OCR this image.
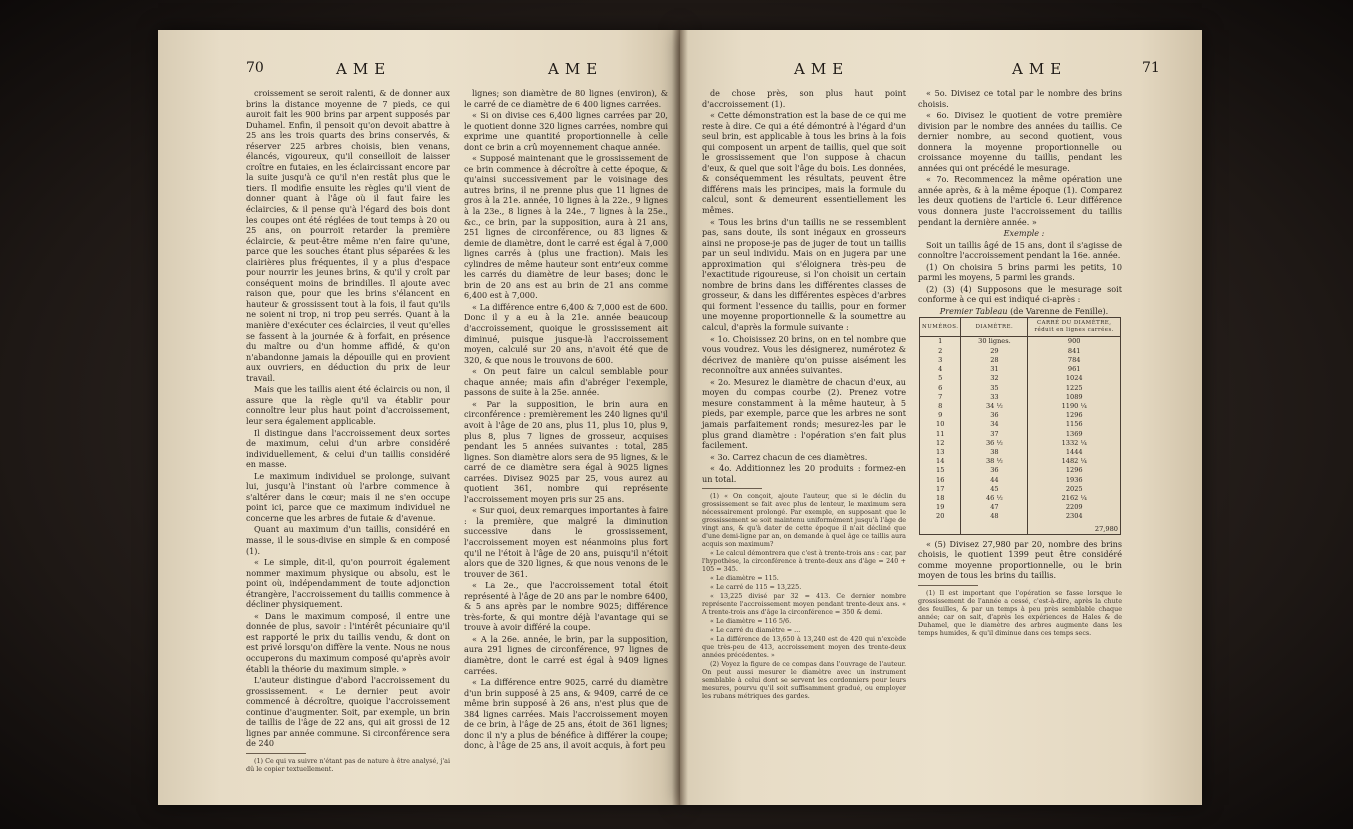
70	AME	AME

croissement se seroit ralenti, & de donner aux brins la distance moyenne de 7 pieds, ce qui auroit fait les 900 brins par arpent supposés par Duhamel. Enfin, il pensoit qu'on devoit abattre à 25 ans les trois quarts des brins conservés, & réserver 225 arbres choisis, bien venans, élancés, vigoureux, qu'il conseilloit de laisser croître en futaies, en les éclaircissant encore par la suite jusqu'à ce qu'il n'en restât plus que le tiers. Il modifie ensuite les règles qu'il vient de donner quant à l'âge où il faut faire les éclaircies, & il pense qu'à l'égard des bois dont les coupes ont été réglées de tout temps à 20 ou 25 ans, on pourroit retarder la première éclaircie, & peut-être même n'en faire qu'une, parce que les souches étant plus séparées & les clairières plus fréquentes, il y a plus d'espace pour nourrir les jeunes brins, & qu'il y croît par conséquent moins de brindilles. Il ajoute avec raison que, pour que les brins s'élancent en hauteur & grossissent tout à la fois, il faut qu'ils ne soient ni trop, ni trop peu serrés. Quant à la manière d'exécuter ces éclaircies, il veut qu'elles se fassent à la journée & à forfait, en présence du maître ou d'un homme affidé, & qu'on n'abandonne jamais la dépouille qui en provient aux ouvriers, en déduction du prix de leur travail.

Mais que les taillis aient été éclaircis ou non, il assure que la règle qu'il va établir pour connoître leur plus haut point d'accroissement, leur sera également applicable.

Il distingue dans l'accroissement deux sortes de maximum, celui d'un arbre considéré individuellement, & celui d'un taillis considéré en masse.

Le maximum individuel se prolonge, suivant lui, jusqu'à l'instant où l'arbre commence à s'altérer dans le cœur; mais il ne s'en occupe point ici, parce que ce maximum individuel ne concerne que les arbres de futaie & d'avenue.

Quant au maximum d'un taillis, considéré en masse, il le sous-divise en simple & en composé (1).

« Le simple, dit-il, qu'on pourroit également nommer maximum physique ou absolu, est le point où, indépendamment de toute adjonction étrangère, l'accroissement du taillis commence à décliner physiquement.

« Dans le maximum composé, il entre une donnée de plus, savoir : l'intérêt pécuniaire qu'il est rapporté le prix du taillis vendu, & dont on est privé lorsqu'on diffère la vente. Nous ne nous occuperons du maximum composé qu'après avoir établi la théorie du maximum simple. »

L'auteur distingue d'abord l'accroissement du grossissement. « Le dernier peut avoir commencé à décroître, quoique l'accroissement continue d'augmenter. Soit, par exemple, un brin de taillis de l'âge de 22 ans, qui ait grossi de 12 lignes par année commune. Si circonférence sera de 240

(1) Ce qui va suivre n'étant pas de nature à être analysé, j'ai dû le copier textuellement.

lignes; son diamètre de 80 lignes (environ), & le carré de ce diamètre de 6 400 lignes carrées.

« Si on divise ces 6,400 lignes carrées par 20, le quotient donne 320 lignes carrées, nombre qui exprime une quantité proportionnelle à celle dont ce brin a crû moyennement chaque année.

« Supposé maintenant que le grossissement de ce brin commence à décroître à cette époque, & qu'ainsi successivement par le voisinage des autres brins, il ne prenne plus que 11 lignes de gros à la 21e. année, 10 lignes à la 22e., 9 lignes à la 23e., 8 lignes à la 24e., 7 lignes à la 25e., &c., ce brin, par la supposition, aura à 21 ans, 251 lignes de circonférence, ou 83 lignes & demie de diamètre, dont le carré est égal à 7,000 lignes carrés à (plus une fraction). Mais les cylindres de même hauteur sont entr'eux comme les carrés du diamètre de leur bases; donc le brin de 20 ans est au brin de 21 ans comme 6,400 est à 7,000.

« La différence entre 6,400 & 7,000 est de 600. Donc il y a eu à la 21e. année beaucoup d'accroissement, quoique le grossissement ait diminué, puisque jusque-là l'accroissement moyen, calculé sur 20 ans, n'avoit été que de 320, & que nous le trouvons de 600.

« On peut faire un calcul semblable pour chaque année; mais afin d'abréger l'exemple, passons de suite à la 25e. année.

« Par la supposition, le brin aura en circonférence : premièrement les 240 lignes qu'il avoit à l'âge de 20 ans, plus 11, plus 10, plus 9, plus 8, plus 7 lignes de grosseur, acquises pendant les 5 années suivantes : total, 285 lignes. Son diamètre alors sera de 95 lignes, & le carré de ce diamètre sera égal à 9025 lignes carrées. Divisez 9025 par 25, vous aurez au quotient 361, nombre qui représente l'accroissement moyen pris sur 25 ans.

« Sur quoi, deux remarques importantes à faire : la première, que malgré la diminution successive dans le grossissement, l'accroissement moyen est néanmoins plus fort qu'il ne l'étoit à l'âge de 20 ans, puisqu'il n'étoit alors que de 320 lignes, & que nous venons de le trouver de 361.

« La 2e., que l'accroissement total étoit représenté à l'âge de 20 ans par le nombre 6400, & 5 ans après par le nombre 9025; différence très-forte, & qui montre déjà l'avantage qui se trouve à avoir différé la coupe.

« A la 26e. année, le brin, par la supposition, aura 291 lignes de circonférence, 97 lignes de diamètre, dont le carré est égal à 9409 lignes carrées.

« La différence entre 9025, carré du diamètre d'un brin supposé à 25 ans, & 9409, carré de ce même brin supposé à 26 ans, n'est plus que de 384 lignes carrées. Mais l'accroissement moyen de ce brin, à l'âge de 25 ans, étoit de 361 lignes; donc il n'y a plus de bénéfice à différer la coupe; donc, à l'âge de 25 ans, il avoit acquis, à fort peu

AME	AME	71

de chose près, son plus haut point d'accroissement (1).

« Cette démonstration est la base de ce qui me reste à dire. Ce qui a été démontré à l'égard d'un seul brin, est applicable à tous les brins à la fois qui composent un arpent de taillis, quel que soit le grossissement que l'on suppose à chacun d'eux, & quel que soit l'âge du bois. Les données, & conséquemment les résultats, peuvent être différens mais les principes, mais la formule du calcul, sont & demeurent essentiellement les mêmes.

« Tous les brins d'un taillis ne se ressemblent pas, sans doute, ils sont inégaux en grosseurs ainsi ne propose-je pas de juger de tout un taillis par un seul individu. Mais on en jugera par une approximation qui s'éloignera très-peu de l'exactitude rigoureuse, si l'on choisit un certain nombre de brins dans les différentes classes de grosseur, & dans les différentes espèces d'arbres qui forment l'essence du taillis, pour en former une moyenne proportionnelle & la soumettre au calcul, d'après la formule suivante :

« 1o. Choisissez 20 brins, on en tel nombre que vous voudrez. Vous les désignerez, numérotez & décrivez de manière qu'on puisse aisément les reconnoître aux années suivantes.

« 2o. Mesurez le diamètre de chacun d'eux, au moyen du compas courbe (2). Prenez votre mesure constamment à la même hauteur, à 5 pieds, par exemple, parce que les arbres ne sont jamais parfaitement ronds; mesurez-les par le plus grand diamètre : l'opération s'en fait plus facilement.

« 3o. Carrez chacun de ces diamètres.

« 4o. Additionnez les 20 produits : formez-en un total.

(1) « On conçoit, ajoute l'auteur, que si le déclin du grossissement se fait avec plus de lenteur, le maximum sera nécessairement prolongé. Par exemple, en supposant que le grossissement se soit maintenu uniformément jusqu'à l'âge de vingt ans, & qu'à dater de cette époque il n'ait décliné que d'une demi-ligne par an, on demande à quel âge ce taillis aura acquis son maximum?

« Le calcul démontrera que c'est à trente-trois ans : car, par l'hypothèse, la circonférence à trente-deux ans d'âge = 240 + 105 = 345.

« Le diamètre = 115.

« Le carré de 115 = 13,225.

« 13,225 divisé par 32 = 413. Ce dernier nombre représente l'accroissement moyen pendant trente-deux ans. « A trente-trois ans d'âge la circonférence = 350 & demi.

« Le diamètre = 116 5/6.

« Le carré du diamètre = ...

« La différence de 13,650 à 13,240 est de 420 qui n'excède que très-peu de 413, accroissement moyen des trente-deux années précédentes. »

(2) Voyez la figure de ce compas dans l'ouvrage de l'auteur. On peut aussi mesurer le diamètre avec un instrument semblable à celui dont se servent les cordonniers pour leurs mesures, pourvu qu'il soit suffisamment gradué, ou employer les rubans métriques des gardes.

« 5o. Divisez ce total par le nombre des brins choisis.

« 6o. Divisez le quotient de votre première division par le nombre des années du taillis. Ce dernier nombre, au second quotient, vous donnera la moyenne proportionnelle ou croissance moyenne du taillis, pendant les années qui ont précédé le mesurage.

« 7o. Recommencez la même opération une année après, & à la même époque (1). Comparez les deux quotiens de l'article 6. Leur différence vous donnera juste l'accroissement du taillis pendant la dernière année. »

Exemple :

Soit un taillis âgé de 15 ans, dont il s'agisse de connoître l'accroissement pendant la 16e. année.

(1) On choisira 5 brins parmi les petits, 10 parmi les moyens, 5 parmi les grands.

(2) (3) (4) Supposons que le mesurage soit conforme à ce qui est indiqué ci-après :

Premier Tableau (de Varenne de Fenille).

NUMÉROS.	DIAMÈTRE.	CARRÉ DU DIAMÈTRE, réduit en lignes carrées.
1	30 lignes.	900
2	29	841
3	28	784
4	31	961
5	32	1024
6	35	1225
7	33	1089
8	34 ½	1190 ¼
9	36	1296
10	34	1156
11	37	1369
12	36 ½	1332 ¼
13	38	1444
14	38 ½	1482 ¼
15	36	1296
16	44	1936
17	45	2025
18	46 ½	2162 ¼
19	47	2209
20	48	2304
		27,980

« (5) Divisez 27,980 par 20, nombre des brins choisis, le quotient 1399 peut être considéré comme moyenne proportionnelle, ou le brin moyen de tous les brins du taillis.

(1) Il est important que l'opération se fasse lorsque le grossissement de l'année a cessé, c'est-à-dire, après la chute des feuilles, & par un temps à peu près semblable chaque année; car on sait, d'après les expériences de Hales & de Duhamel, que le diamètre des arbres augmente dans les temps humides, & qu'il diminue dans ces temps secs.
